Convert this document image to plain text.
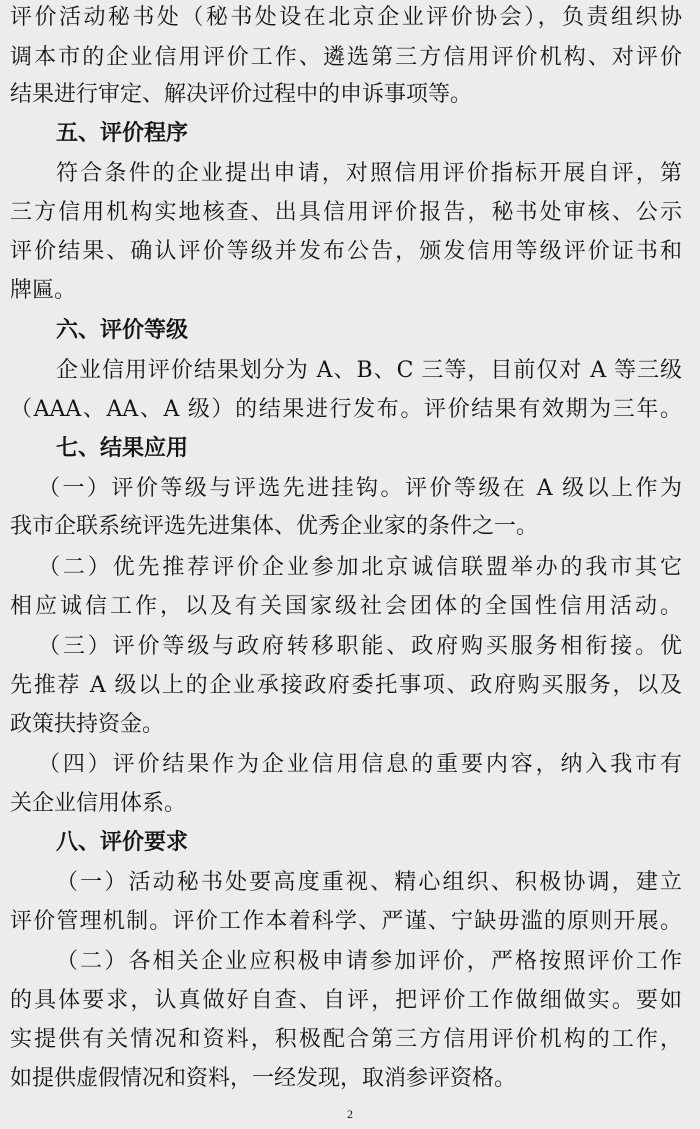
评价活动秘书处（秘书处设在北京企业评价协会），负责组织协
调本市的企业信用评价工作、遴选第三方信用评价机构、对评价
结果进行审定、解决评价过程中的申诉事项等。
五、评价程序
符合条件的企业提出申请，对照信用评价指标开展自评，第
三方信用机构实地核查、出具信用评价报告，秘书处审核、公示
评价结果、确认评价等级并发布公告，颁发信用等级评价证书和
牌匾。
六、评价等级
企业信用评价结果划分为 A、B、C 三等，目前仅对 A 等三级
（AAA、AA、A 级）的结果进行发布。评价结果有效期为三年。
七、结果应用
（一）评价等级与评选先进挂钩。评价等级在 A 级以上作为
我市企联系统评选先进集体、优秀企业家的条件之一。
（二）优先推荐评价企业参加北京诚信联盟举办的我市其它
相应诚信工作，以及有关国家级社会团体的全国性信用活动。
（三）评价等级与政府转移职能、政府购买服务相衔接。优
先推荐 A 级以上的企业承接政府委托事项、政府购买服务，以及
政策扶持资金。
（四）评价结果作为企业信用信息的重要内容，纳入我市有
关企业信用体系。
八、评价要求
（一）活动秘书处要高度重视、精心组织、积极协调，建立
评价管理机制。评价工作本着科学、严谨、宁缺毋滥的原则开展。
（二）各相关企业应积极申请参加评价，严格按照评价工作
的具体要求，认真做好自查、自评，把评价工作做细做实。要如
实提供有关情况和资料，积极配合第三方信用评价机构的工作，
如提供虚假情况和资料，一经发现，取消参评资格。
2
